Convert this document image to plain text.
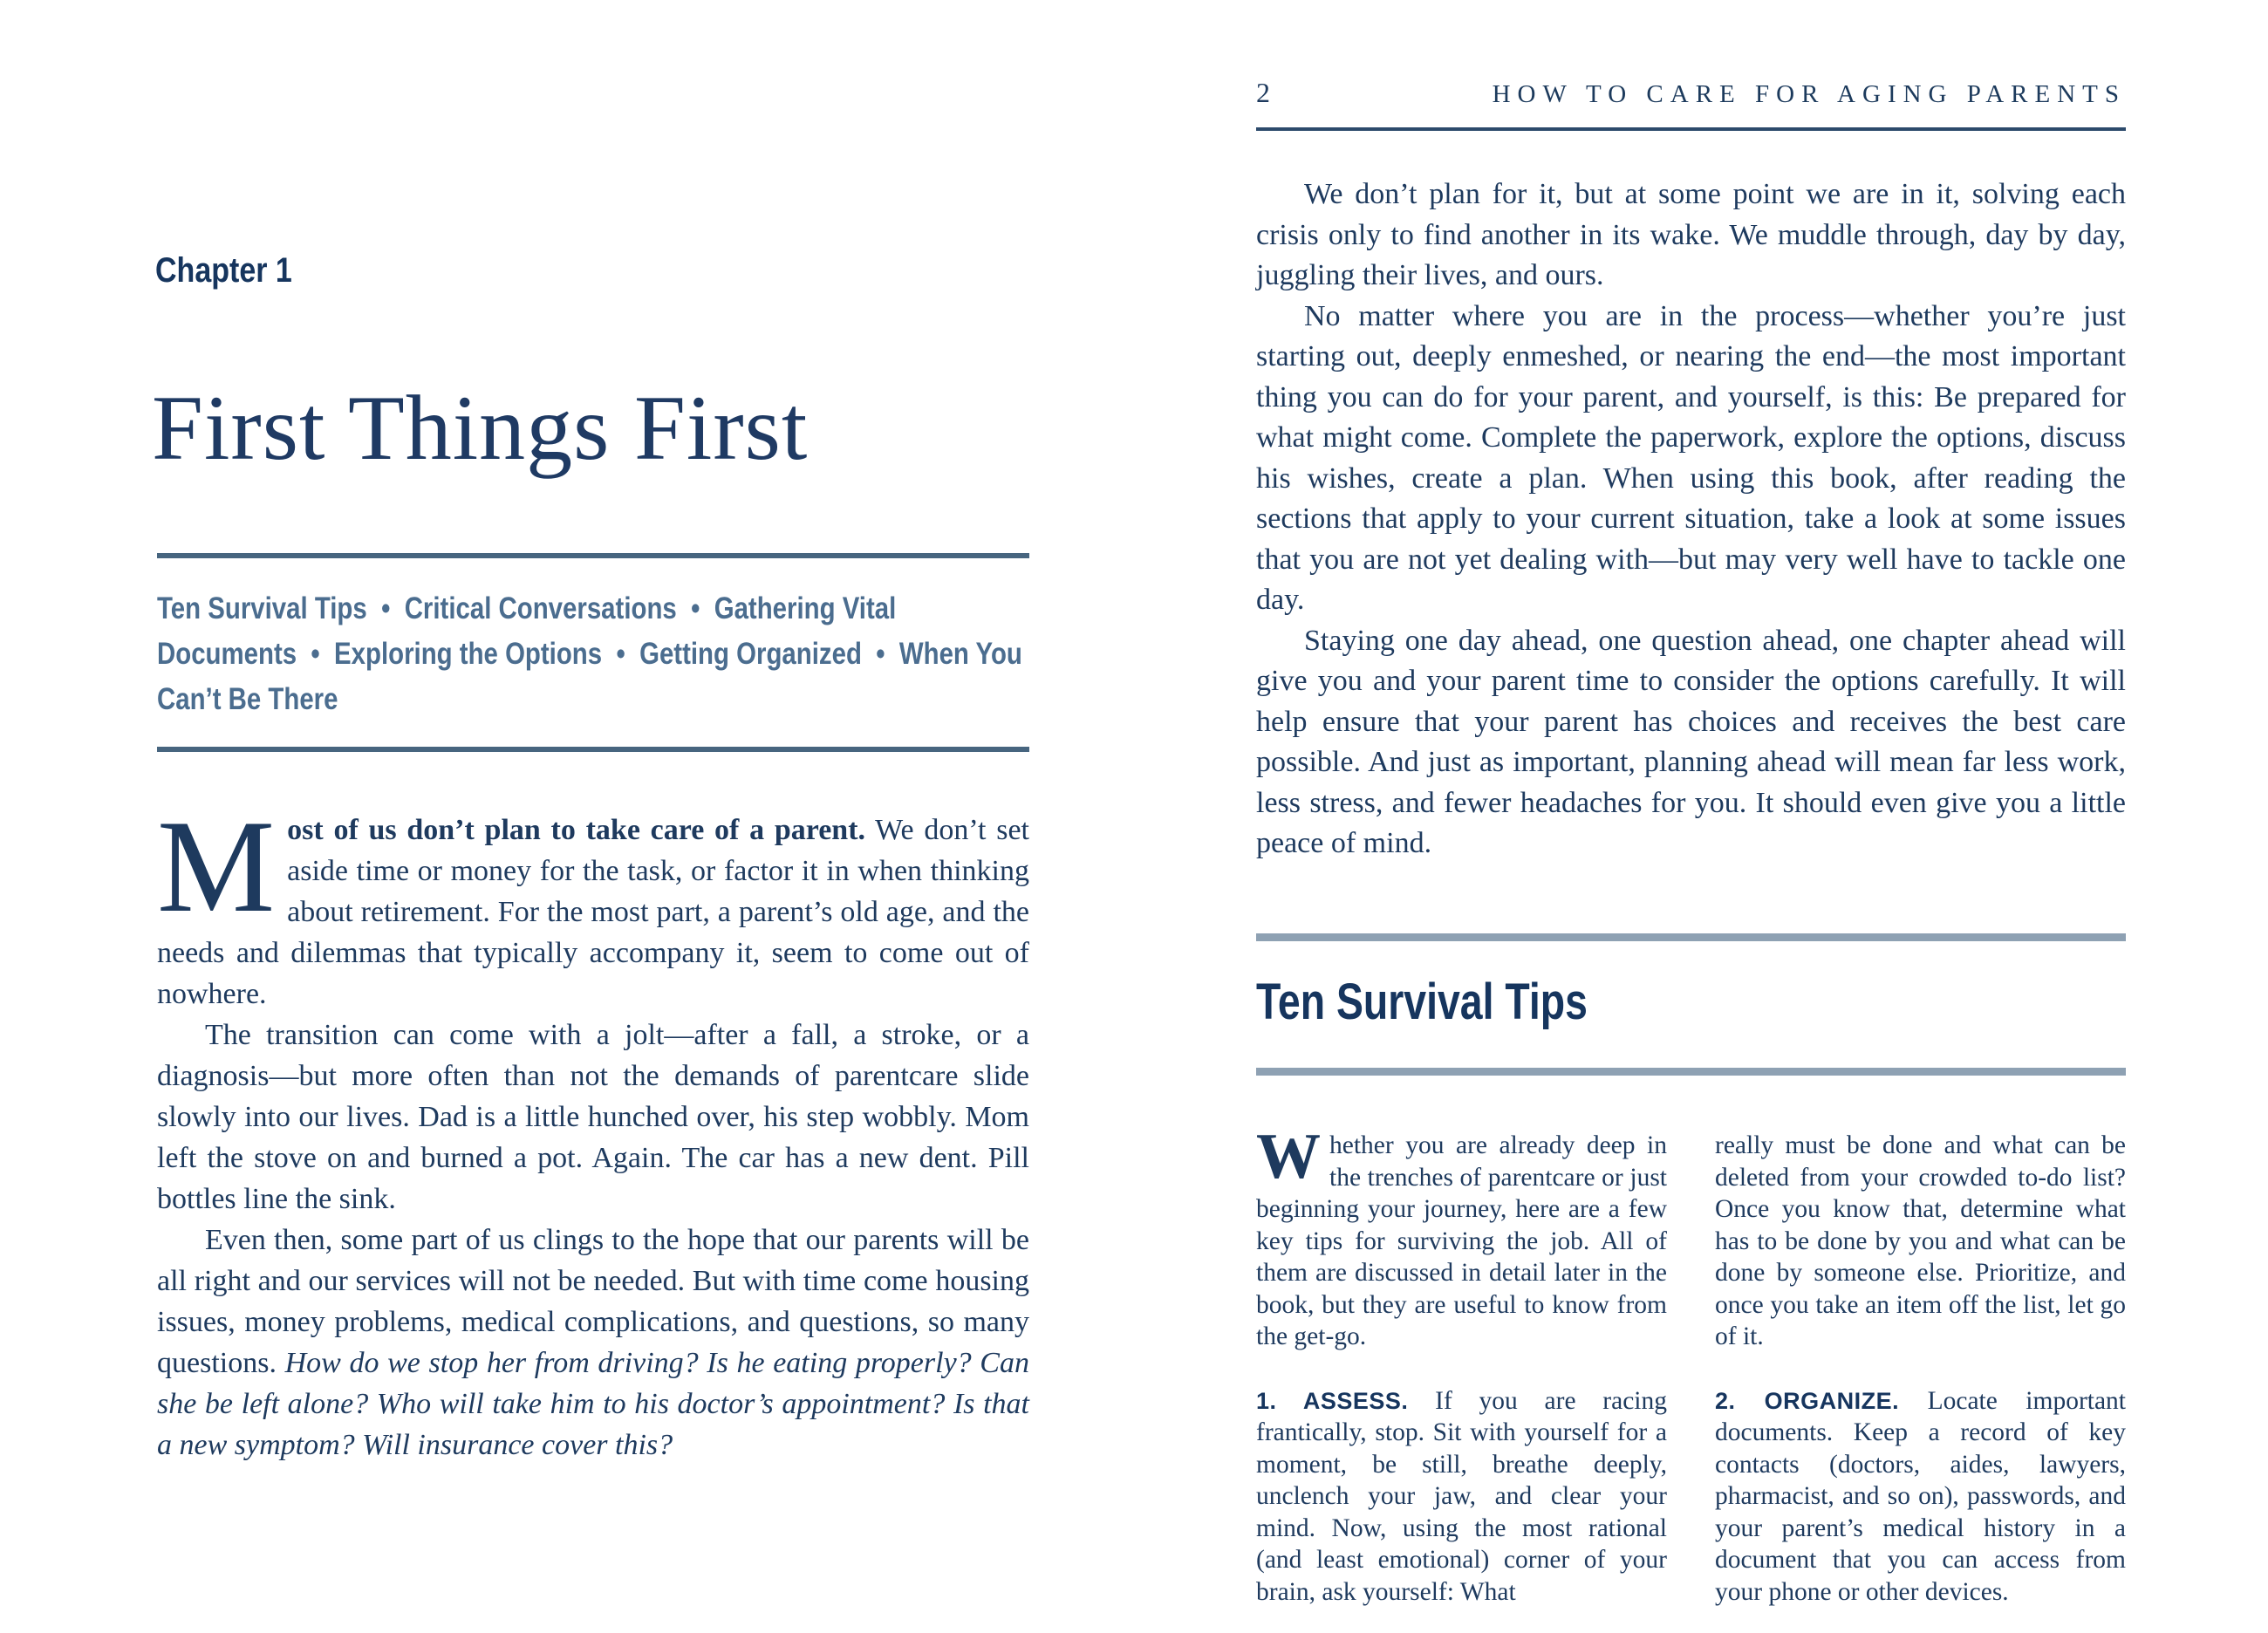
Chapter 1
First Things First

Ten Survival Tips  •  Critical Conversations  •  Gathering Vital Documents  •  Exploring the Options  •  Getting Organized  •  When You Can’t Be There

Most of us don’t plan to take care of a parent. We don’t set aside time or money for the task, or factor it in when thinking about retirement. For the most part, a parent’s old age, and the needs and dilemmas that typically accompany it, seem to come out of nowhere.

The transition can come with a jolt—after a fall, a stroke, or a diagnosis—but more often than not the demands of parentcare slide slowly into our lives. Dad is a little hunched over, his step wobbly. Mom left the stove on and burned a pot. Again. The car has a new dent. Pill bottles line the sink.

Even then, some part of us clings to the hope that our parents will be all right and our services will not be needed. But with time come housing issues, money problems, medical complications, and questions, so many questions. How do we stop her from driving? Is he eating properly? Can she be left alone? Who will take him to his doctor’s appointment? Is that a new symptom? Will insurance cover this?

2	HOW TO CARE FOR AGING PARENTS

We don’t plan for it, but at some point we are in it, solving each crisis only to find another in its wake. We muddle through, day by day, juggling their lives, and ours.

No matter where you are in the process—whether you’re just starting out, deeply enmeshed, or nearing the end—the most important thing you can do for your parent, and yourself, is this: Be prepared for what might come. Complete the paperwork, explore the options, discuss his wishes, create a plan. When using this book, after reading the sections that apply to your current situation, take a look at some issues that you are not yet dealing with—but may very well have to tackle one day.

Staying one day ahead, one question ahead, one chapter ahead will give you and your parent time to consider the options carefully. It will help ensure that your parent has choices and receives the best care possible. And just as important, planning ahead will mean far less work, less stress, and fewer headaches for you. It should even give you a little peace of mind.

Ten Survival Tips

Whether you are already deep in the trenches of parentcare or just beginning your journey, here are a few key tips for surviving the job. All of them are discussed in detail later in the book, but they are useful to know from the get-go.

1. ASSESS. If you are racing frantically, stop. Sit with yourself for a moment, be still, breathe deeply, unclench your jaw, and clear your mind. Now, using the most rational (and least emotional) corner of your brain, ask yourself: What

really must be done and what can be deleted from your crowded to-do list? Once you know that, determine what has to be done by you and what can be done by someone else. Prioritize, and once you take an item off the list, let go of it.

2. ORGANIZE. Locate important documents. Keep a record of key contacts (doctors, aides, lawyers, pharmacist, and so on), passwords, and your parent’s medical history in a document that you can access from your phone or other devices.
